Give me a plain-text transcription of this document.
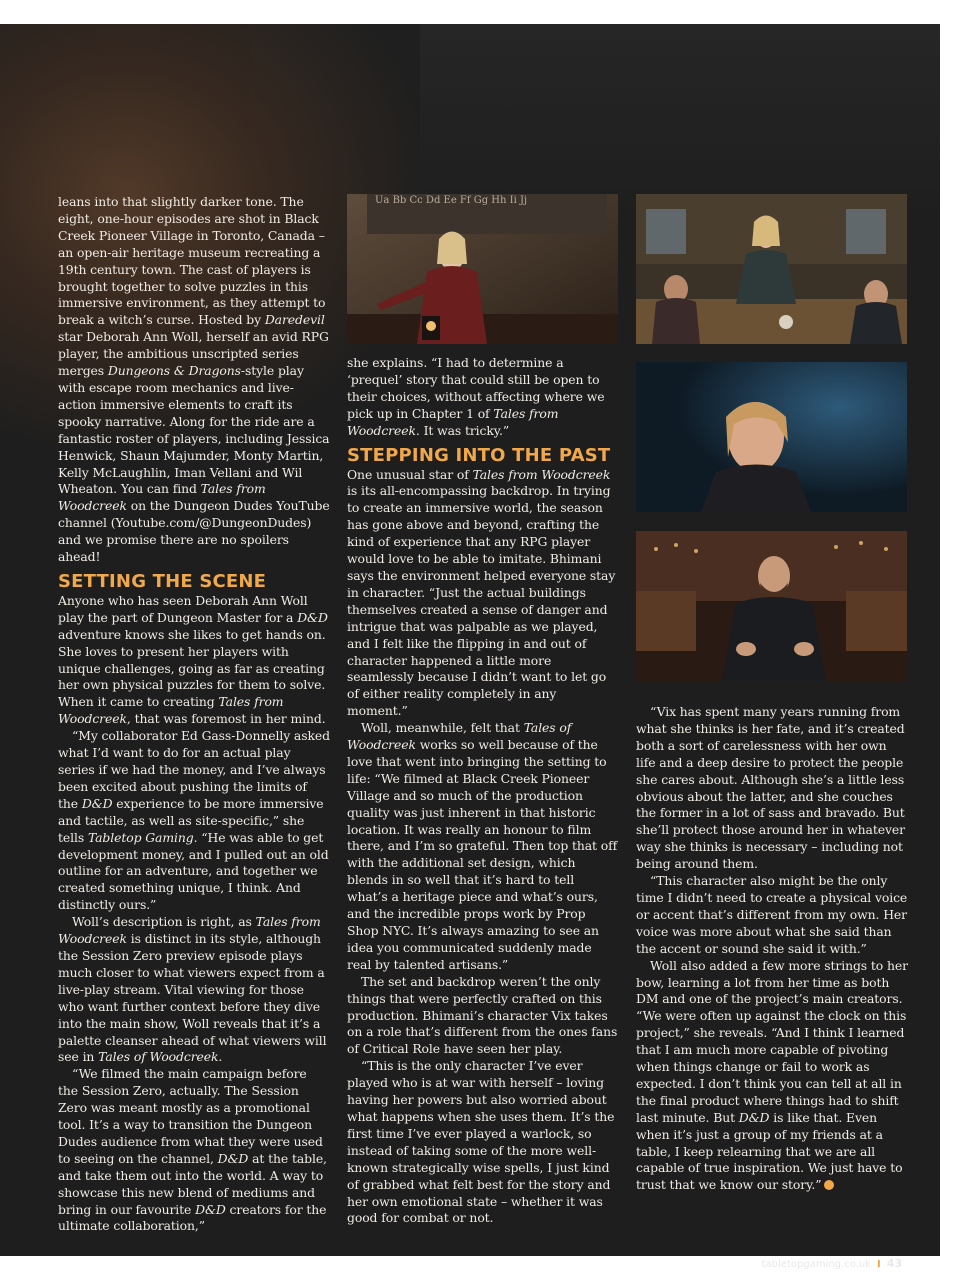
leans into that slightly darker tone. The eight, one-hour episodes are shot in Black Creek Pioneer Village in Toronto, Canada – an open-air heritage museum recreating a 19th century town. The cast of players is brought together to solve puzzles in this immersive environment, as they attempt to break a witch’s curse. Hosted by Daredevil star Deborah Ann Woll, herself an avid RPG player, the ambitious unscripted series merges Dungeons & Dragons-style play with escape room mechanics and live-action immersive elements to craft its spooky narrative. Along for the ride are a fantastic roster of players, including Jessica Henwick, Shaun Majumder, Monty Martin, Kelly McLaughlin, Iman Vellani and Wil Wheaton. You can find Tales from Woodcreek on the Dungeon Dudes YouTube channel (Youtube.com/@DungeonDudes) and we promise there are no spoilers ahead!

SETTING THE SCENE

Anyone who has seen Deborah Ann Woll play the part of Dungeon Master for a D&D adventure knows she likes to get hands on. She loves to present her players with unique challenges, going as far as creating her own physical puzzles for them to solve. When it came to creating Tales from Woodcreek, that was foremost in her mind.

“My collaborator Ed Gass-Donnelly asked what I’d want to do for an actual play series if we had the money, and I’ve always been excited about pushing the limits of the D&D experience to be more immersive and tactile, as well as site-specific,” she tells Tabletop Gaming. “He was able to get development money, and I pulled out an old outline for an adventure, and together we created something unique, I think. And distinctly ours.”

Woll’s description is right, as Tales from Woodcreek is distinct in its style, although the Session Zero preview episode plays much closer to what viewers expect from a live-play stream. Vital viewing for those who want further context before they dive into the main show, Woll reveals that it’s a palette cleanser ahead of what viewers will see in Tales of Woodcreek.

“We filmed the main campaign before the Session Zero, actually. The Session Zero was meant mostly as a promotional tool. It’s a way to transition the Dungeon Dudes audience from what they were used to seeing on the channel, D&D at the table, and take them out into the world. A way to showcase this new blend of mediums and bring in our favourite D&D creators for the ultimate collaboration,”

Ua Bb Cc Dd Ee Ff Gg Hh Ii Jj

she explains. “I had to determine a ‘prequel’ story that could still be open to their choices, without affecting where we pick up in Chapter 1 of Tales from Woodcreek. It was tricky.”

STEPPING INTO THE PAST

One unusual star of Tales from Woodcreek is its all-encompassing backdrop. In trying to create an immersive world, the season has gone above and beyond, crafting the kind of experience that any RPG player would love to be able to imitate. Bhimani says the environment helped everyone stay in character. “Just the actual buildings themselves created a sense of danger and intrigue that was palpable as we played, and I felt like the flipping in and out of character happened a little more seamlessly because I didn’t want to let go of either reality completely in any moment.”

Woll, meanwhile, felt that Tales of Woodcreek works so well because of the love that went into bringing the setting to life: “We filmed at Black Creek Pioneer Village and so much of the production quality was just inherent in that historic location. It was really an honour to film there, and I’m so grateful. Then top that off with the additional set design, which blends in so well that it’s hard to tell what’s a heritage piece and what’s ours, and the incredible props work by Prop Shop NYC. It’s always amazing to see an idea you communicated suddenly made real by talented artisans.”

The set and backdrop weren’t the only things that were perfectly crafted on this production. Bhimani’s character Vix takes on a role that’s different from the ones fans of Critical Role have seen her play.

“This is the only character I’ve ever played who is at war with herself – loving having her powers but also worried about what happens when she uses them. It’s the first time I’ve ever played a warlock, so instead of taking some of the more well-known strategically wise spells, I just kind of grabbed what felt best for the story and her own emotional state – whether it was good for combat or not.

“Vix has spent many years running from what she thinks is her fate, and it’s created both a sort of carelessness with her own life and a deep desire to protect the people she cares about. Although she’s a little less obvious about the latter, and she couches the former in a lot of sass and bravado. But she’ll protect those around her in whatever way she thinks is necessary – including not being around them.

“This character also might be the only time I didn’t need to create a physical voice or accent that’s different from my own. Her voice was more about what she said than the accent or sound she said it with.”

Woll also added a few more strings to her bow, learning a lot from her time as both DM and one of the project’s main creators. “We were often up against the clock on this project,” she reveals. “And I think I learned that I am much more capable of pivoting when things change or fail to work as expected. I don’t think you can tell at all in the final product where things had to shift last minute. But D&D is like that. Even when it’s just a group of my friends at a table, I keep relearning that we are all capable of true inspiration. We just have to trust that we know our story.”

tabletopgaming.co.uk I 43
